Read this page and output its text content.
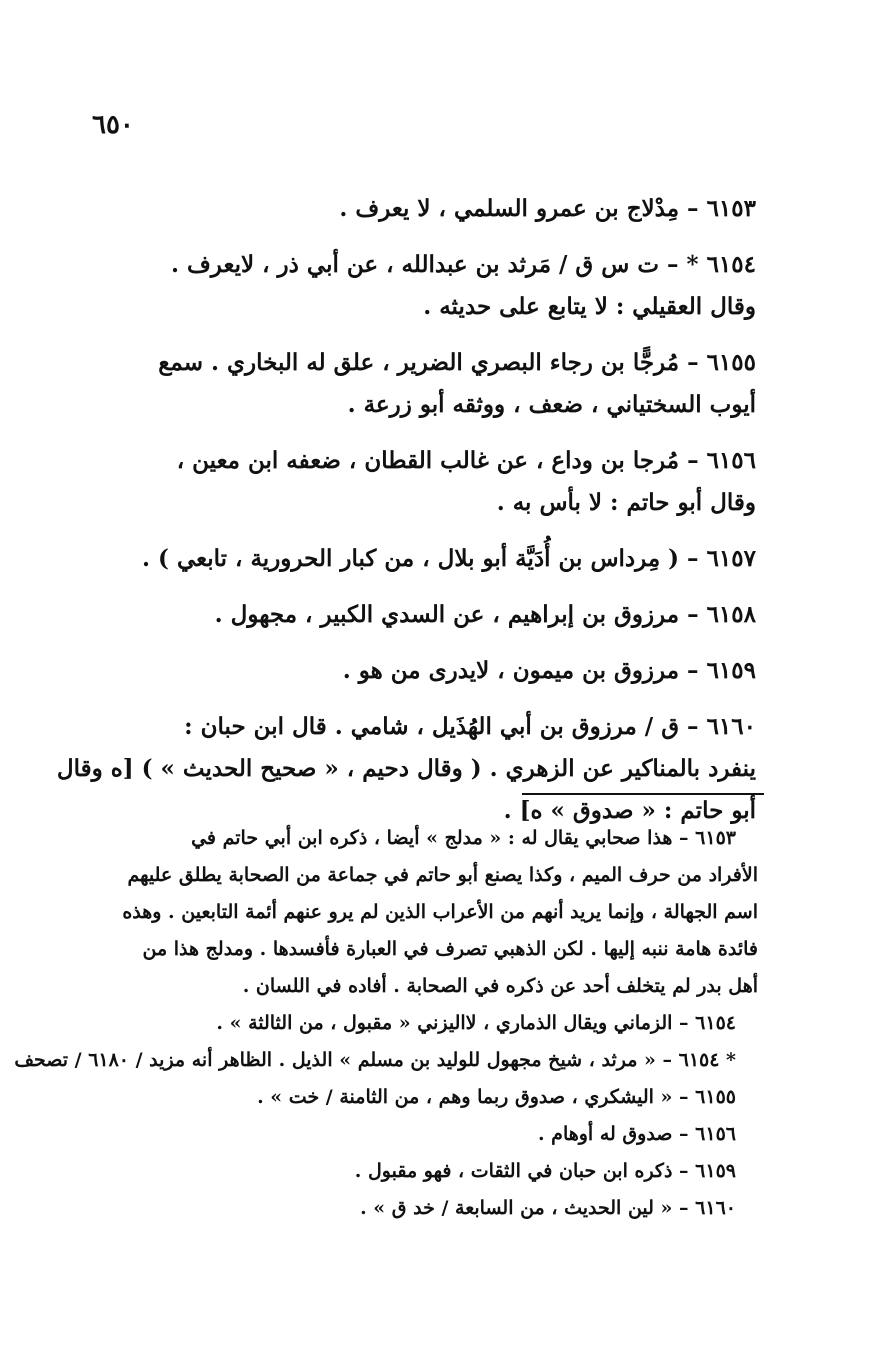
٦٥٠
٦١٥٣ – مِدْلاج بن عمرو السلمي ، لا يعرف .
٦١٥٤ * – ت س ق / مَرثد بن عبدالله ، عن أبي ذر ، لايعرف .
وقال العقيلي : لا يتابع على حديثه .
٦١٥٥ – مُرجًّا بن رجاء البصري الضرير ، علق له البخاري . سمع
أيوب السختياني ، ضعف ، ووثقه أبو زرعة .
٦١٥٦ – مُرجا بن وداع ، عن غالب القطان ، ضعفه ابن معين ،
وقال أبو حاتم : لا بأس به .
٦١٥٧ – ( مِرداس بن أُدَيَّة أبو بلال ، من كبار الحرورية ، تابعي ) .
٦١٥٨ – مرزوق بن إبراهيم ، عن السدي الكبير ، مجهول .
٦١٥٩ – مرزوق بن ميمون ، لايدرى من هو .
٦١٦٠ – ق / مرزوق بن أبي الهُذَيل ، شامي . قال ابن حبان :
ينفرد بالمناكير عن الزهري . ( وقال دحيم ، « صحيح الحديث » ) [ه وقال
أبو حاتم : « صدوق » ه] .
٦١٥٣ – هذا صحابي يقال له : « مدلج » أيضا ، ذكره ابن أبي حاتم في
الأفراد من حرف الميم ، وكذا يصنع أبو حاتم في جماعة من الصحابة يطلق عليهم
اسم الجهالة ، وإنما يريد أنهم من الأعراب الذين لم يرو عنهم أئمة التابعين . وهذه
فائدة هامة ننبه إليها . لكن الذهبي تصرف في العبارة فأفسدها . ومدلج هذا من
أهل بدر لم يتخلف أحد عن ذكره في الصحابة . أفاده في اللسان .
٦١٥٤ – الزماني ويقال الذماري ، لااليزني « مقبول ، من الثالثة » .
* ٦١٥٤ – « مرثد ، شيخ مجهول للوليد بن مسلم » الذيل . الظاهر أنه مزيد / ٦١٨٠ / تصحف
٦١٥٥ – « اليشكري ، صدوق ربما وهم ، من الثامنة / خت » .
٦١٥٦ – صدوق له أوهام .
٦١٥٩ – ذكره ابن حبان في الثقات ، فهو مقبول .
٦١٦٠ – « لين الحديث ، من السابعة / خد ق » .
